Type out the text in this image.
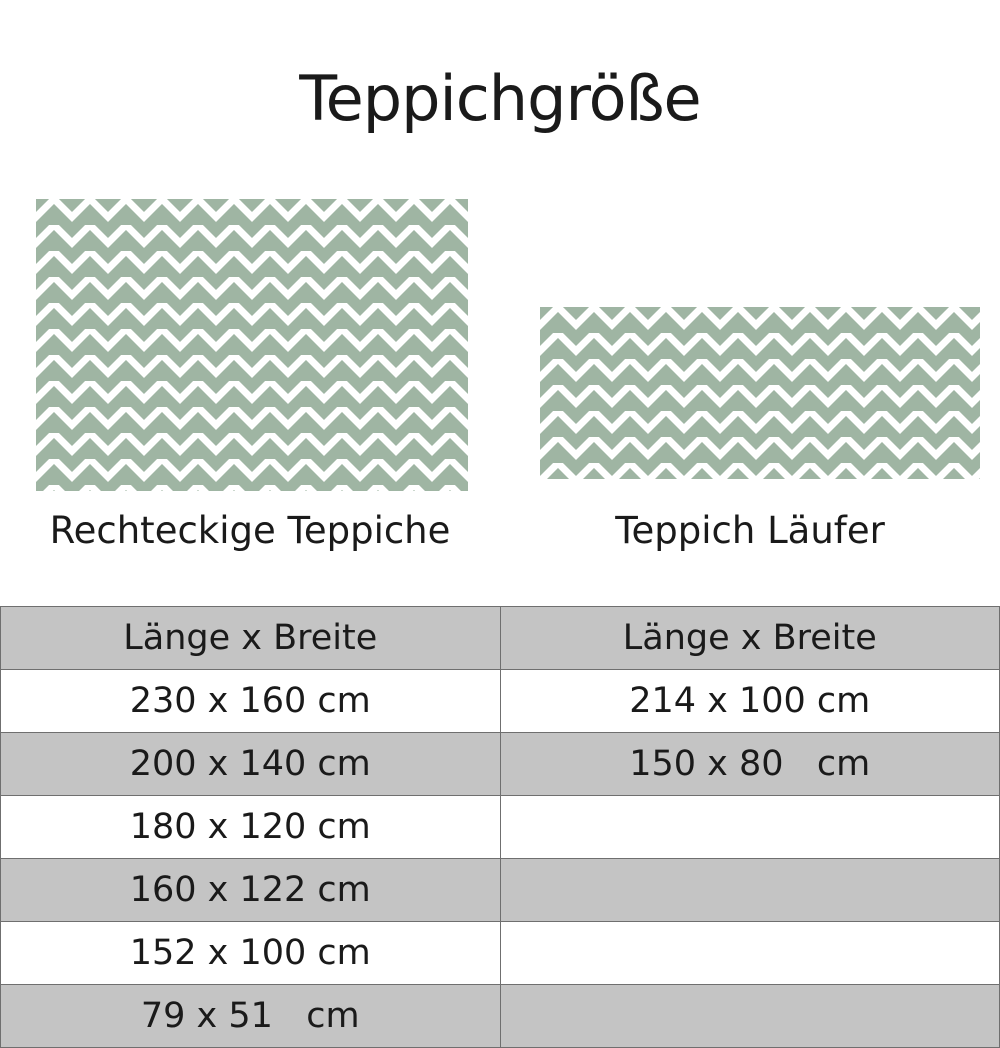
Teppichgröße
Rechteckige Teppiche	Teppich Läufer
Länge x Breite	Länge x Breite
230 x 160 cm	214 x 100 cm
200 x 140 cm	150 x 80   cm
180 x 120 cm	
160 x 122 cm	
152 x 100 cm	
79 x 51   cm	
